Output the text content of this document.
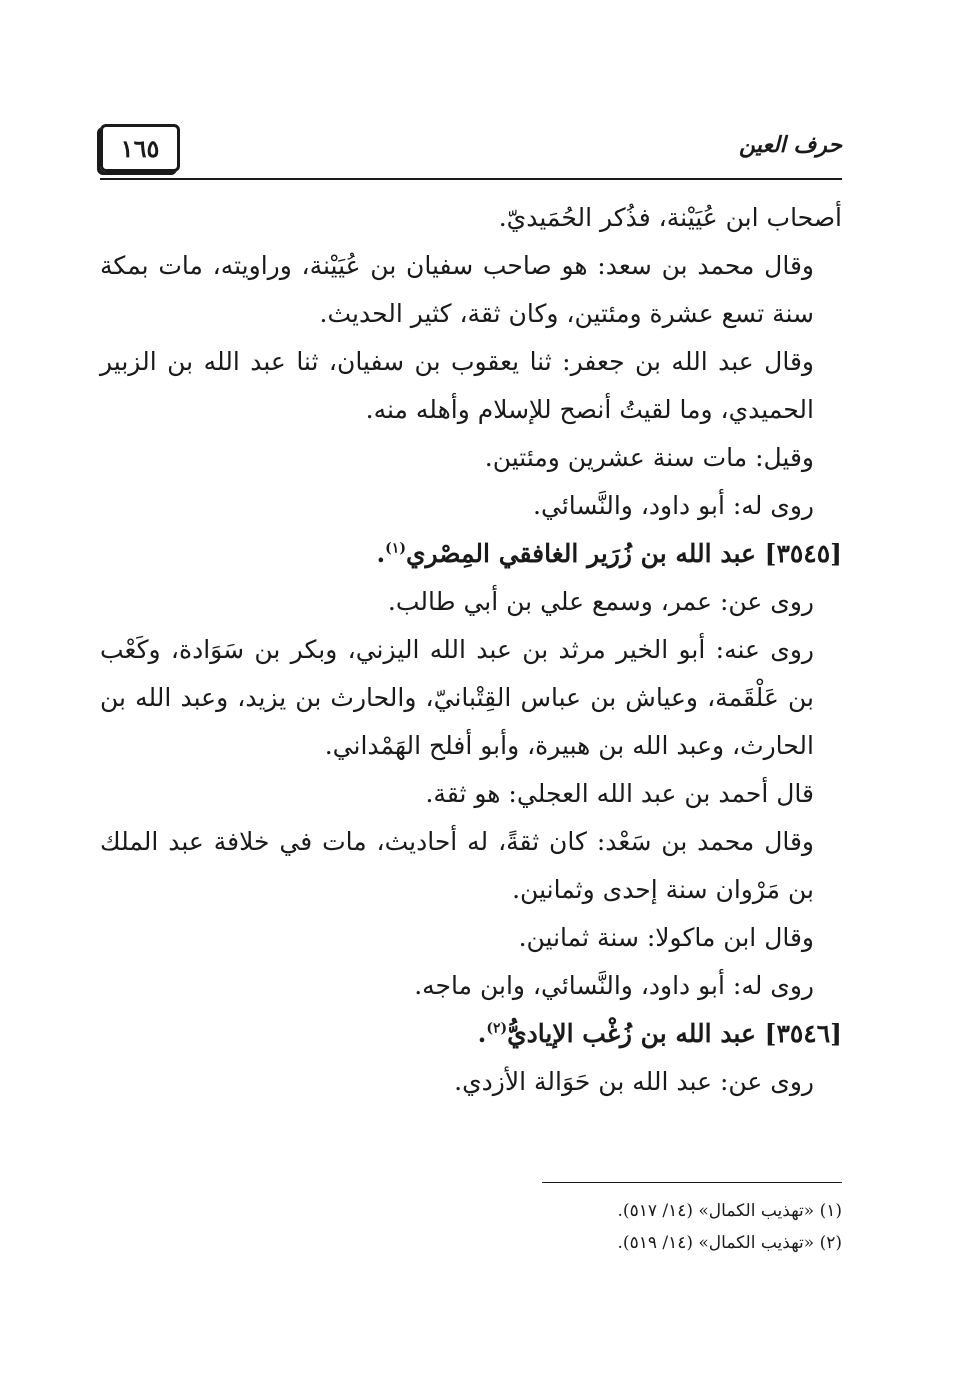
حرف العين
١٦٥

أصحاب ابن عُيَيْنة، فذُكر الحُمَيديّ.

وقال محمد بن سعد: هو صاحب سفيان بن عُيَيْنة، وراويته، مات بمكة سنة تسع عشرة ومئتين، وكان ثقة، كثير الحديث.

وقال عبد الله بن جعفر: ثنا يعقوب بن سفيان، ثنا عبد الله بن الزبير الحميدي، وما لقيتُ أنصح للإسلام وأهله منه.

وقيل: مات سنة عشرين ومئتين.

روى له: أبو داود، والنَّسائي.

[٣٥٤٥] عبد الله بن زُرَير الغافقي المِصْري$^{(١)}$.

روى عن: عمر، وسمع علي بن أبي طالب.

روى عنه: أبو الخير مرثد بن عبد الله اليزني، وبكر بن سَوَادة، وكَعْب بن عَلْقَمة، وعياش بن عباس القِتْبانيّ، والحارث بن يزيد، وعبد الله بن الحارث، وعبد الله بن هبيرة، وأبو أفلح الهَمْداني.

قال أحمد بن عبد الله العجلي: هو ثقة.

وقال محمد بن سَعْد: كان ثقةً، له أحاديث، مات في خلافة عبد الملك بن مَرْوان سنة إحدى وثمانين.

وقال ابن ماكولا: سنة ثمانين.

روى له: أبو داود، والنَّسائي، وابن ماجه.

[٣٥٤٦] عبد الله بن زُغْب الإياديُّ$^{(٢)}$.

روى عن: عبد الله بن حَوَالة الأزدي.

(١) «تهذيب الكمال» (١٤/ ٥١٧).
(٢) «تهذيب الكمال» (١٤/ ٥١٩).
